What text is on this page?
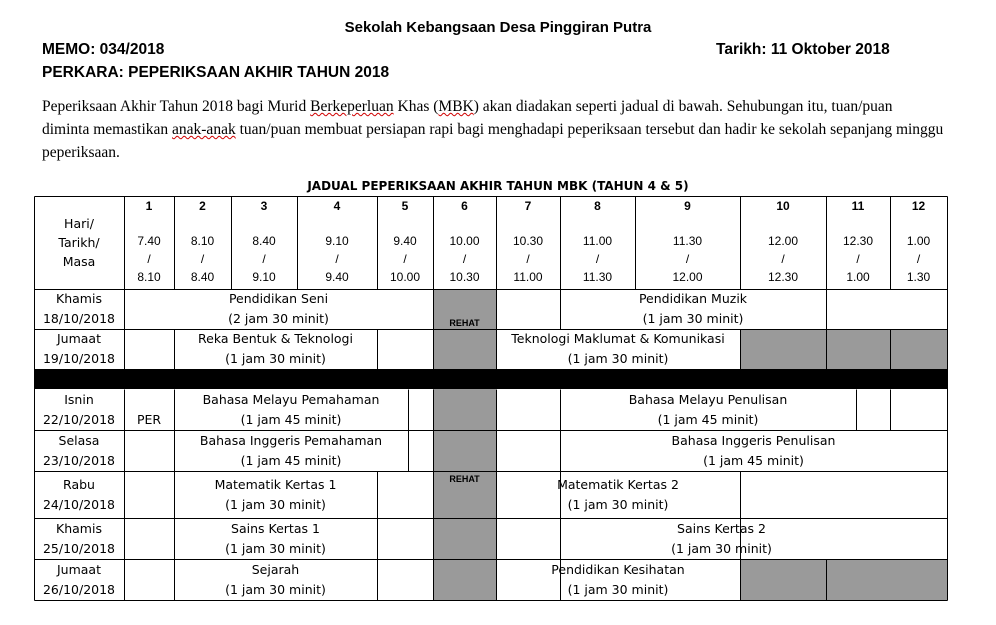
Sekolah Kebangsaan Desa Pinggiran Putra
MEMO: 034/2018	Tarikh: 11 Oktober 2018
PERKARA: PEPERIKSAAN AKHIR TAHUN 2018
Peperiksaan Akhir Tahun 2018 bagi Murid Berkeperluan Khas (MBK) akan diadakan seperti jadual di bawah. Sehubungan itu, tuan/puan
diminta memastikan anak-anak tuan/puan membuat persiapan rapi bagi menghadapi peperiksaan tersebut dan hadir ke sekolah sepanjang minggu
peperiksaan.
JADUAL PEPERIKSAAN AKHIR TAHUN MBK (TAHUN 4 & 5)
Hari/
Tarikh/
Masa
1
7.40
/
8.10
2
8.10
/
8.40
3
8.40
/
9.10
4
9.10
/
9.40
5
9.40
/
10.00
6
10.00
/
10.30
7
10.30
/
11.00
8
11.00
/
11.30
9
11.30
/
12.00
10
12.00
/
12.30
11
12.30
/
1.00
12
1.00
/
1.30
REHAT
REHAT
Khamis
18/10/2018
Pendidikan Seni
(2 jam 30 minit)
Pendidikan Muzik
(1 jam 30 minit)
Jumaat
19/10/2018
Reka Bentuk & Teknologi
(1 jam 30 minit)
Teknologi Maklumat & Komunikasi
(1 jam 30 minit)
Isnin
22/10/2018 PER
Bahasa Melayu Pemahaman
(1 jam 45 minit)
Bahasa Melayu Penulisan
(1 jam 45 minit)
Selasa
23/10/2018
Bahasa Inggeris Pemahaman
(1 jam 45 minit)
Bahasa Inggeris Penulisan
(1 jam 45 minit)
Rabu
24/10/2018
Matematik Kertas 1
(1 jam 30 minit)
Matematik Kertas 2
(1 jam 30 minit)
Khamis
25/10/2018
Sains Kertas 1
(1 jam 30 minit)
Sains Kertas 2
(1 jam 30 minit)
Jumaat
26/10/2018
Sejarah
(1 jam 30 minit)
Pendidikan Kesihatan
(1 jam 30 minit)
